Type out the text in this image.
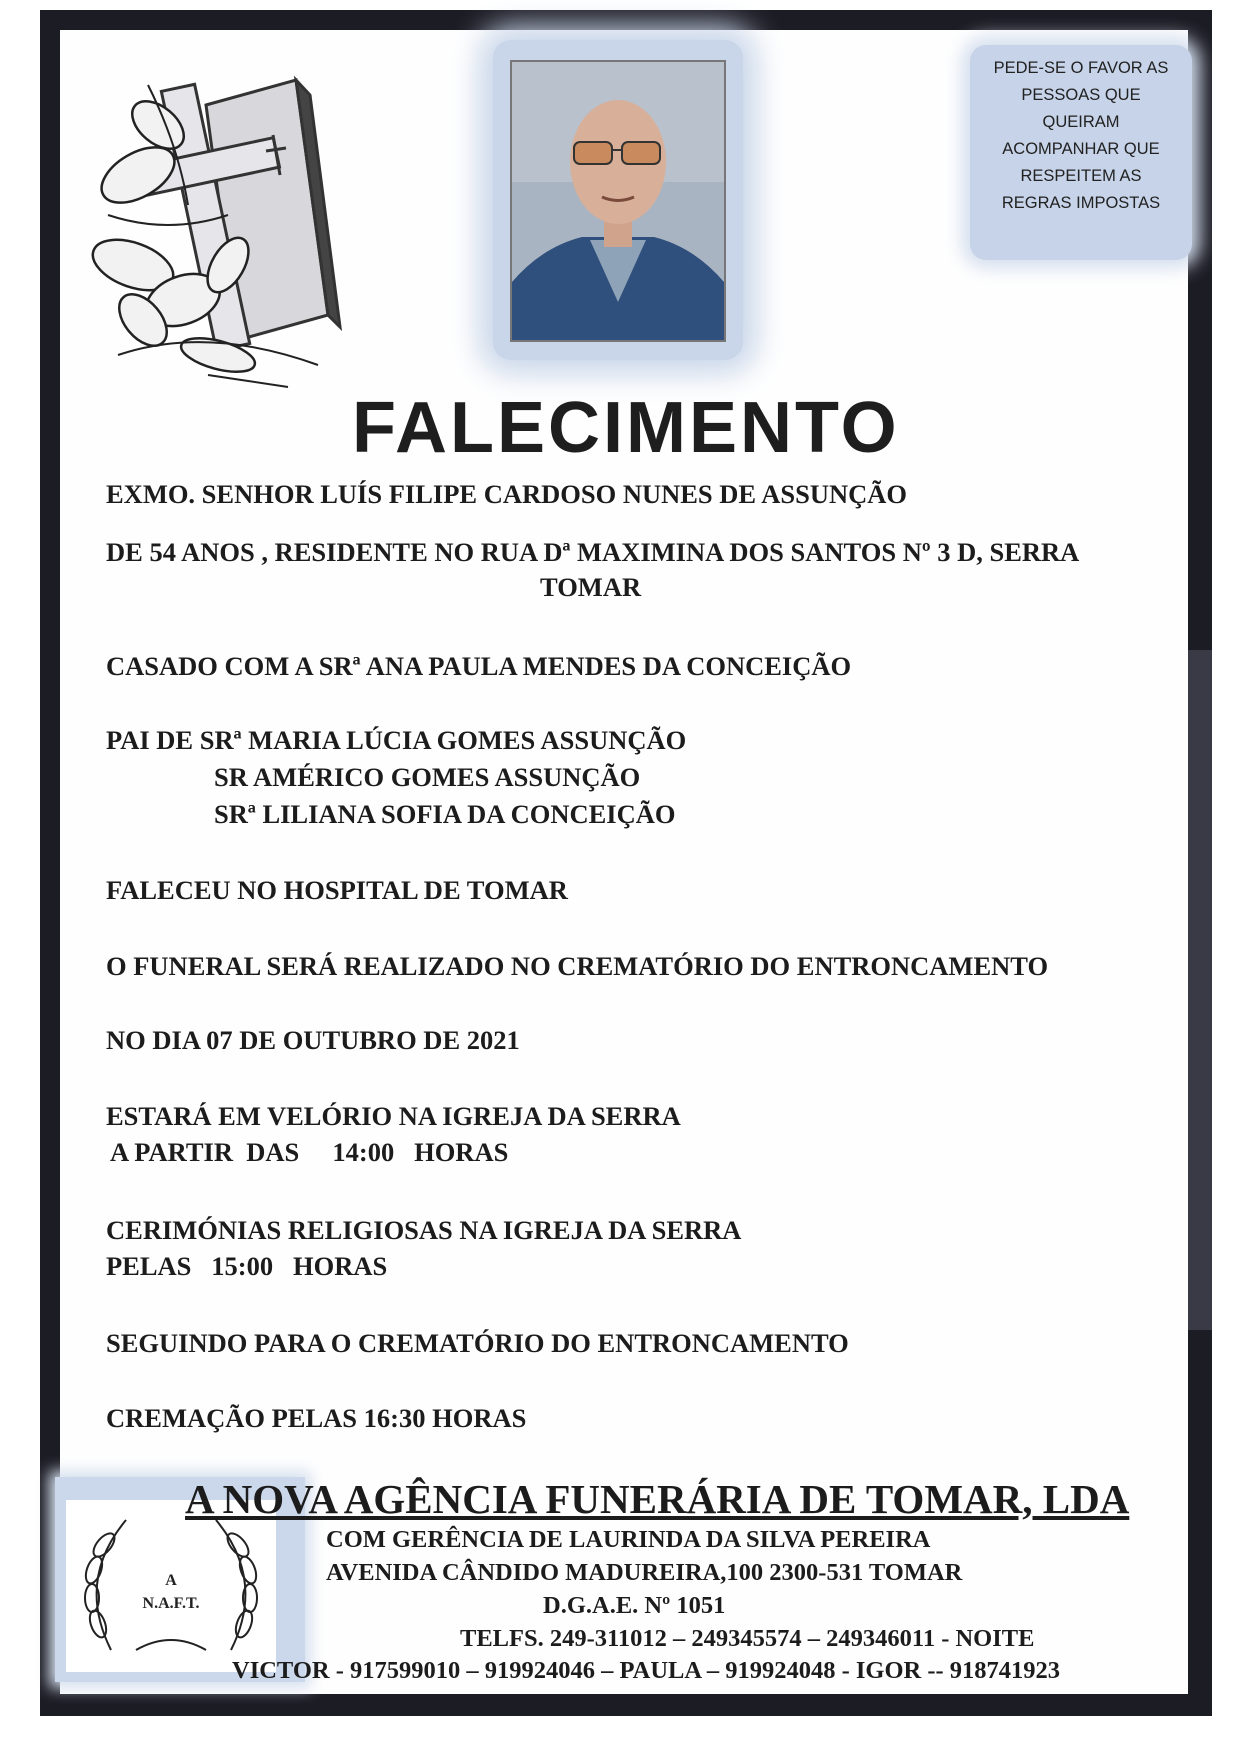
PEDE-SE O FAVOR AS
PESSOAS QUE
QUEIRAM
ACOMPANHAR QUE
RESPEITEM AS
REGRAS IMPOSTAS
FALECIMENTO
EXMO. SENHOR LUÍS FILIPE CARDOSO NUNES DE ASSUNÇÃO
DE 54 ANOS , RESIDENTE NO RUA Dª MAXIMINA DOS SANTOS Nº 3 D, SERRA
TOMAR
CASADO COM A SRª ANA PAULA MENDES DA CONCEIÇÃO
PAI DE SRª MARIA LÚCIA GOMES ASSUNÇÃO
SR AMÉRICO GOMES ASSUNÇÃO
SRª LILIANA SOFIA DA CONCEIÇÃO
FALECEU NO HOSPITAL DE TOMAR
O FUNERAL SERÁ REALIZADO NO CREMATÓRIO DO ENTRONCAMENTO
NO DIA 07 DE OUTUBRO DE 2021
ESTARÁ EM VELÓRIO NA IGREJA DA SERRA
A PARTIR  DAS     14:00   HORAS
CERIMÓNIAS RELIGIOSAS NA IGREJA DA SERRA
PELAS   15:00   HORAS
SEGUINDO PARA O CREMATÓRIO DO ENTRONCAMENTO
CREMAÇÃO PELAS 16:30 HORAS
A
N.A.F.T.
A NOVA AGÊNCIA FUNERÁRIA DE TOMAR, LDA
COM GERÊNCIA DE LAURINDA DA SILVA PEREIRA
AVENIDA CÂNDIDO MADUREIRA,100 2300-531 TOMAR
D.G.A.E. Nº 1051
TELFS. 249-311012 – 249345574 – 249346011 - NOITE
VICTOR - 917599010 – 919924046 – PAULA – 919924048 - IGOR -- 918741923
